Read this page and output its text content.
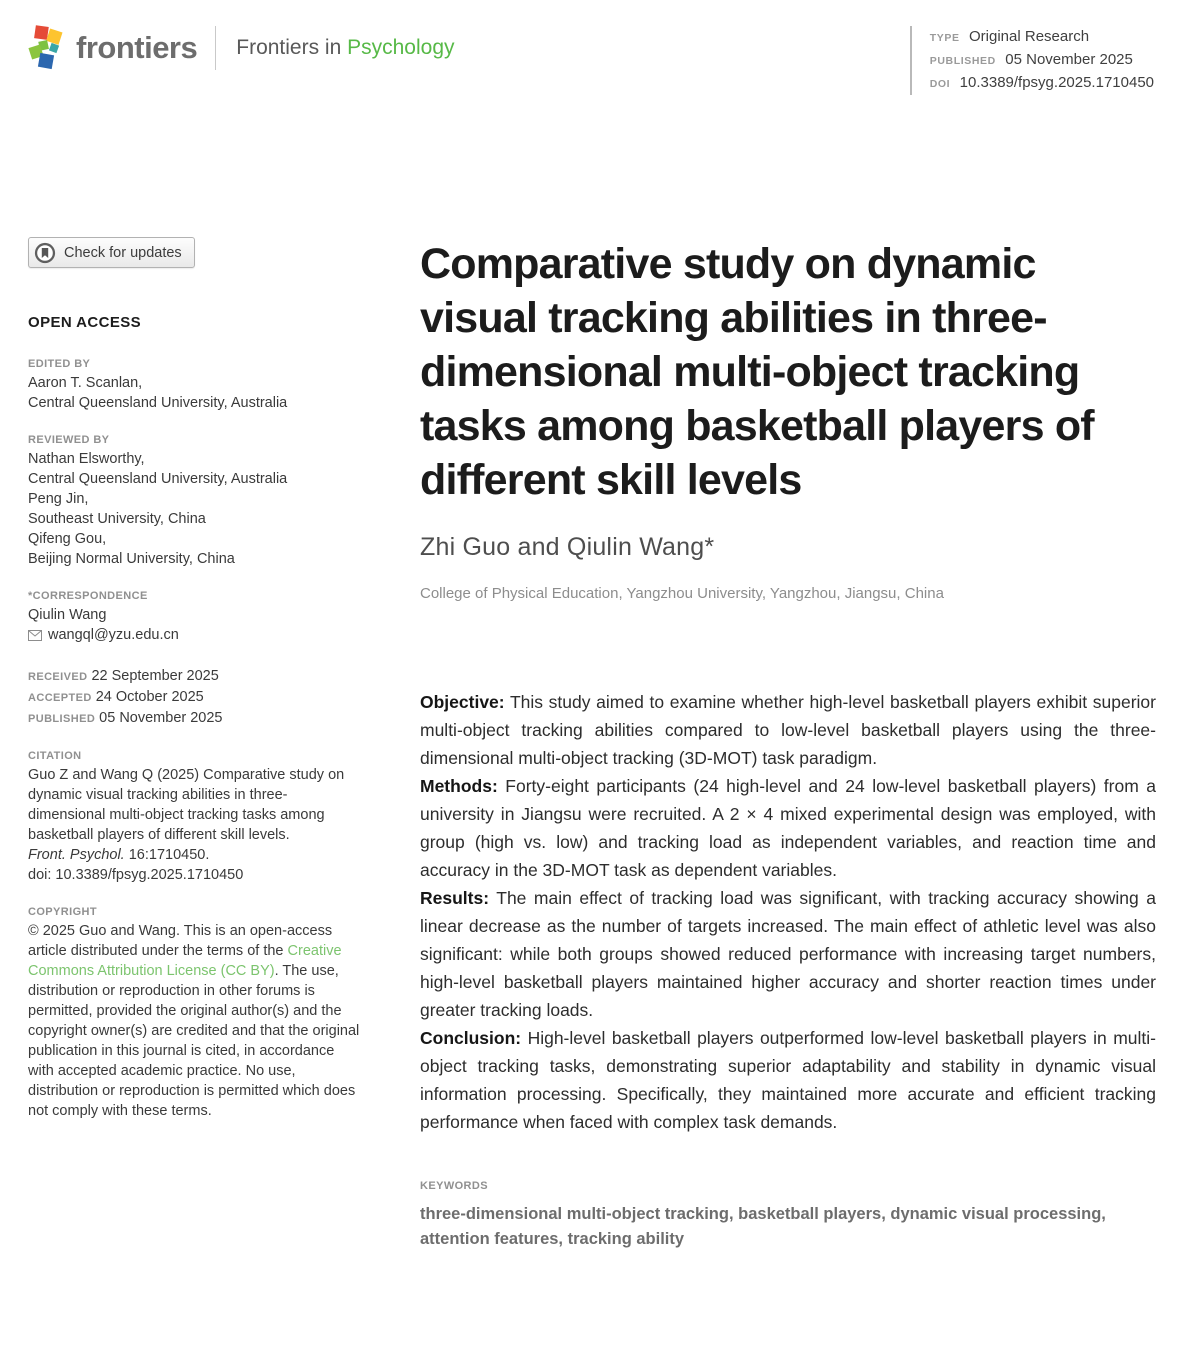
frontiers Frontiers in Psychology	TYPE Original Research
PUBLISHED 05 November 2025
DOI 10.3389/fpsyg.2025.1710450
Check for updates
OPEN ACCESS
EDITED BY
Aaron T. Scanlan,
Central Queensland University, Australia
REVIEWED BY
Nathan Elsworthy,
Central Queensland University, Australia
Peng Jin,
Southeast University, China
Qifeng Gou,
Beijing Normal University, China
*CORRESPONDENCE
Qiulin Wang
wangql@yzu.edu.cn
RECEIVED 22 September 2025
ACCEPTED 24 October 2025
PUBLISHED 05 November 2025
CITATION
Guo Z and Wang Q (2025) Comparative study on dynamic visual tracking abilities in three-dimensional multi-object tracking tasks among basketball players of different skill levels.
Front. Psychol. 16:1710450.
doi: 10.3389/fpsyg.2025.1710450
COPYRIGHT
© 2025 Guo and Wang. This is an open-access article distributed under the terms of the Creative Commons Attribution License (CC BY). The use, distribution or reproduction in other forums is permitted, provided the original author(s) and the copyright owner(s) are credited and that the original publication in this journal is cited, in accordance with accepted academic practice. No use, distribution or reproduction is permitted which does not comply with these terms.
Comparative study on dynamic visual tracking abilities in three-dimensional multi-object tracking tasks among basketball players of different skill levels
Zhi Guo and Qiulin Wang*
College of Physical Education, Yangzhou University, Yangzhou, Jiangsu, China

Objective: This study aimed to examine whether high-level basketball players exhibit superior multi-object tracking abilities compared to low-level basketball players using the three-dimensional multi-object tracking (3D-MOT) task paradigm.

Methods: Forty-eight participants (24 high-level and 24 low-level basketball players) from a university in Jiangsu were recruited. A 2 × 4 mixed experimental design was employed, with group (high vs. low) and tracking load as independent variables, and reaction time and accuracy in the 3D-MOT task as dependent variables.

Results: The main effect of tracking load was significant, with tracking accuracy showing a linear decrease as the number of targets increased. The main effect of athletic level was also significant: while both groups showed reduced performance with increasing target numbers, high-level basketball players maintained higher accuracy and shorter reaction times under greater tracking loads.

Conclusion: High-level basketball players outperformed low-level basketball players in multi-object tracking tasks, demonstrating superior adaptability and stability in dynamic visual information processing. Specifically, they maintained more accurate and efficient tracking performance when faced with complex task demands.

KEYWORDS
three-dimensional multi-object tracking, basketball players, dynamic visual processing, attention features, tracking ability
